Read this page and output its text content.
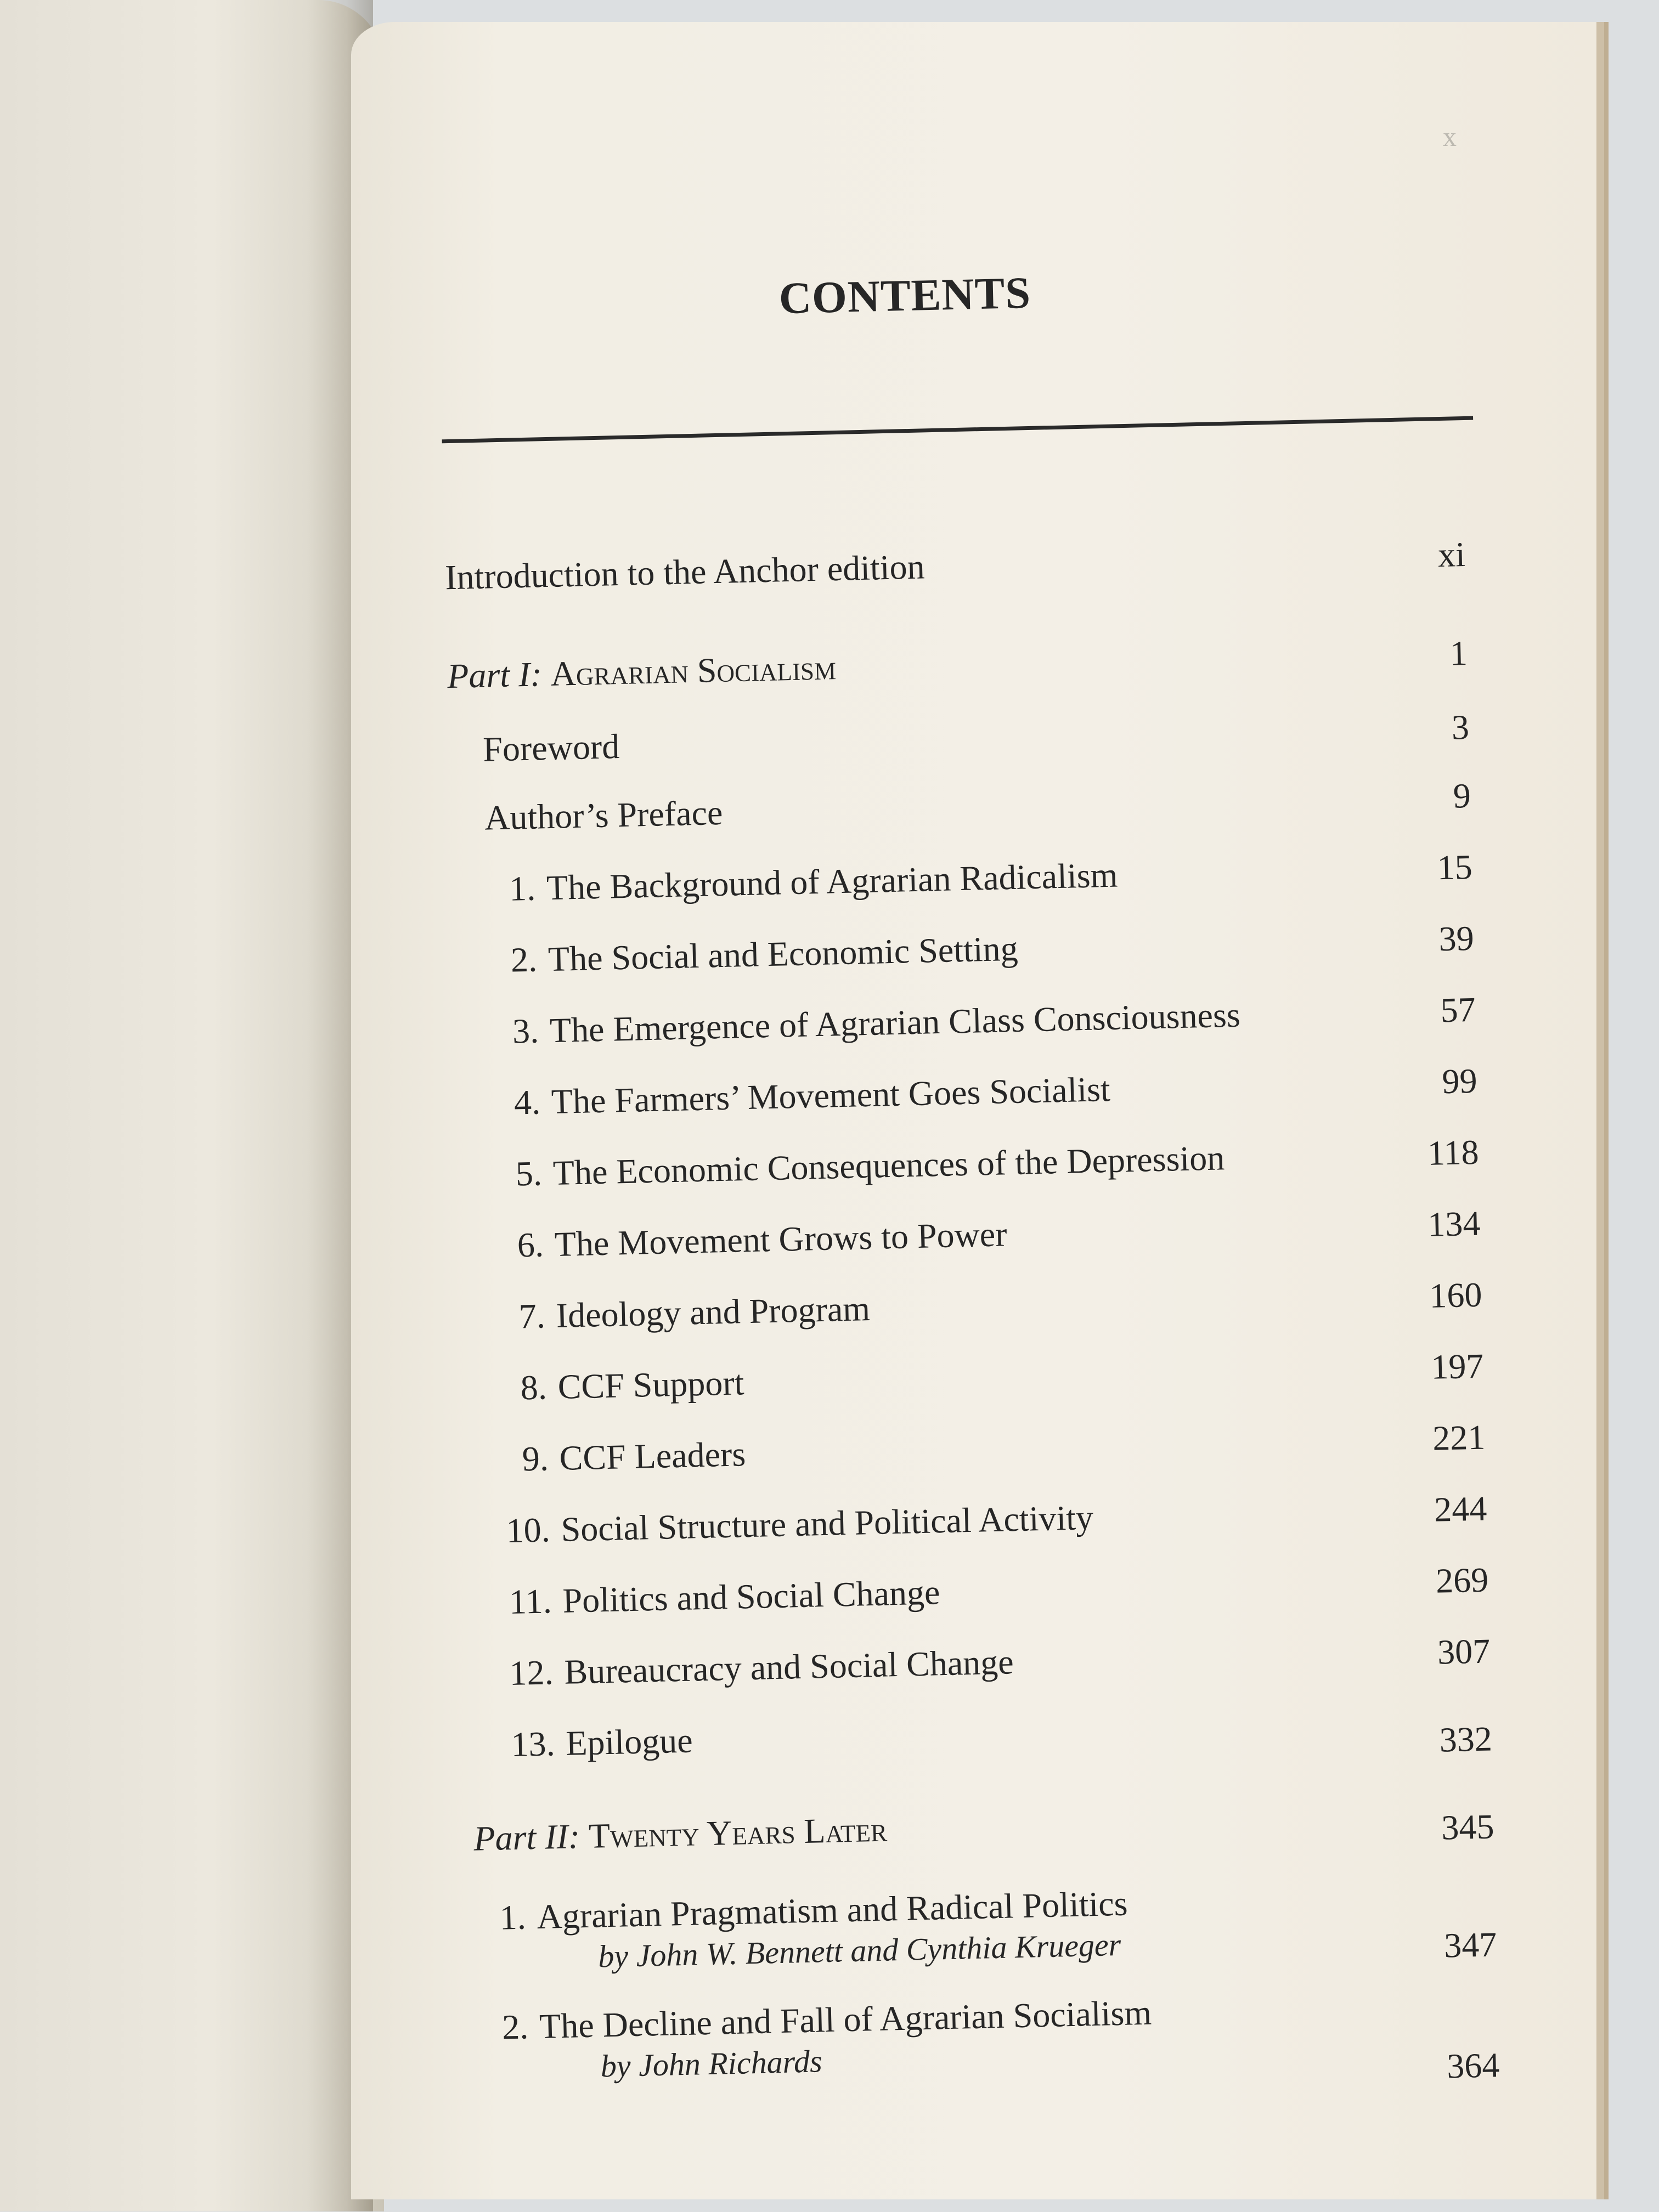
x
CONTENTS
Introduction to the Anchor edition	xi
Part I: Agrarian Socialism	1
Foreword	3
Author’s Preface	9
1. The Background of Agrarian Radicalism	15
2. The Social and Economic Setting	39
3. The Emergence of Agrarian Class Consciousness	57
4. The Farmers’ Movement Goes Socialist	99
5. The Economic Consequences of the Depression	118
6. The Movement Grows to Power	134
7. Ideology and Program	160
8. CCF Support	197
9. CCF Leaders	221
10. Social Structure and Political Activity	244
11. Politics and Social Change	269
12. Bureaucracy and Social Change	307
13. Epilogue	332
Part II: Twenty Years Later	345
1. Agrarian Pragmatism and Radical Politics
by John W. Bennett and Cynthia Krueger	347
2. The Decline and Fall of Agrarian Socialism
by John Richards	364
